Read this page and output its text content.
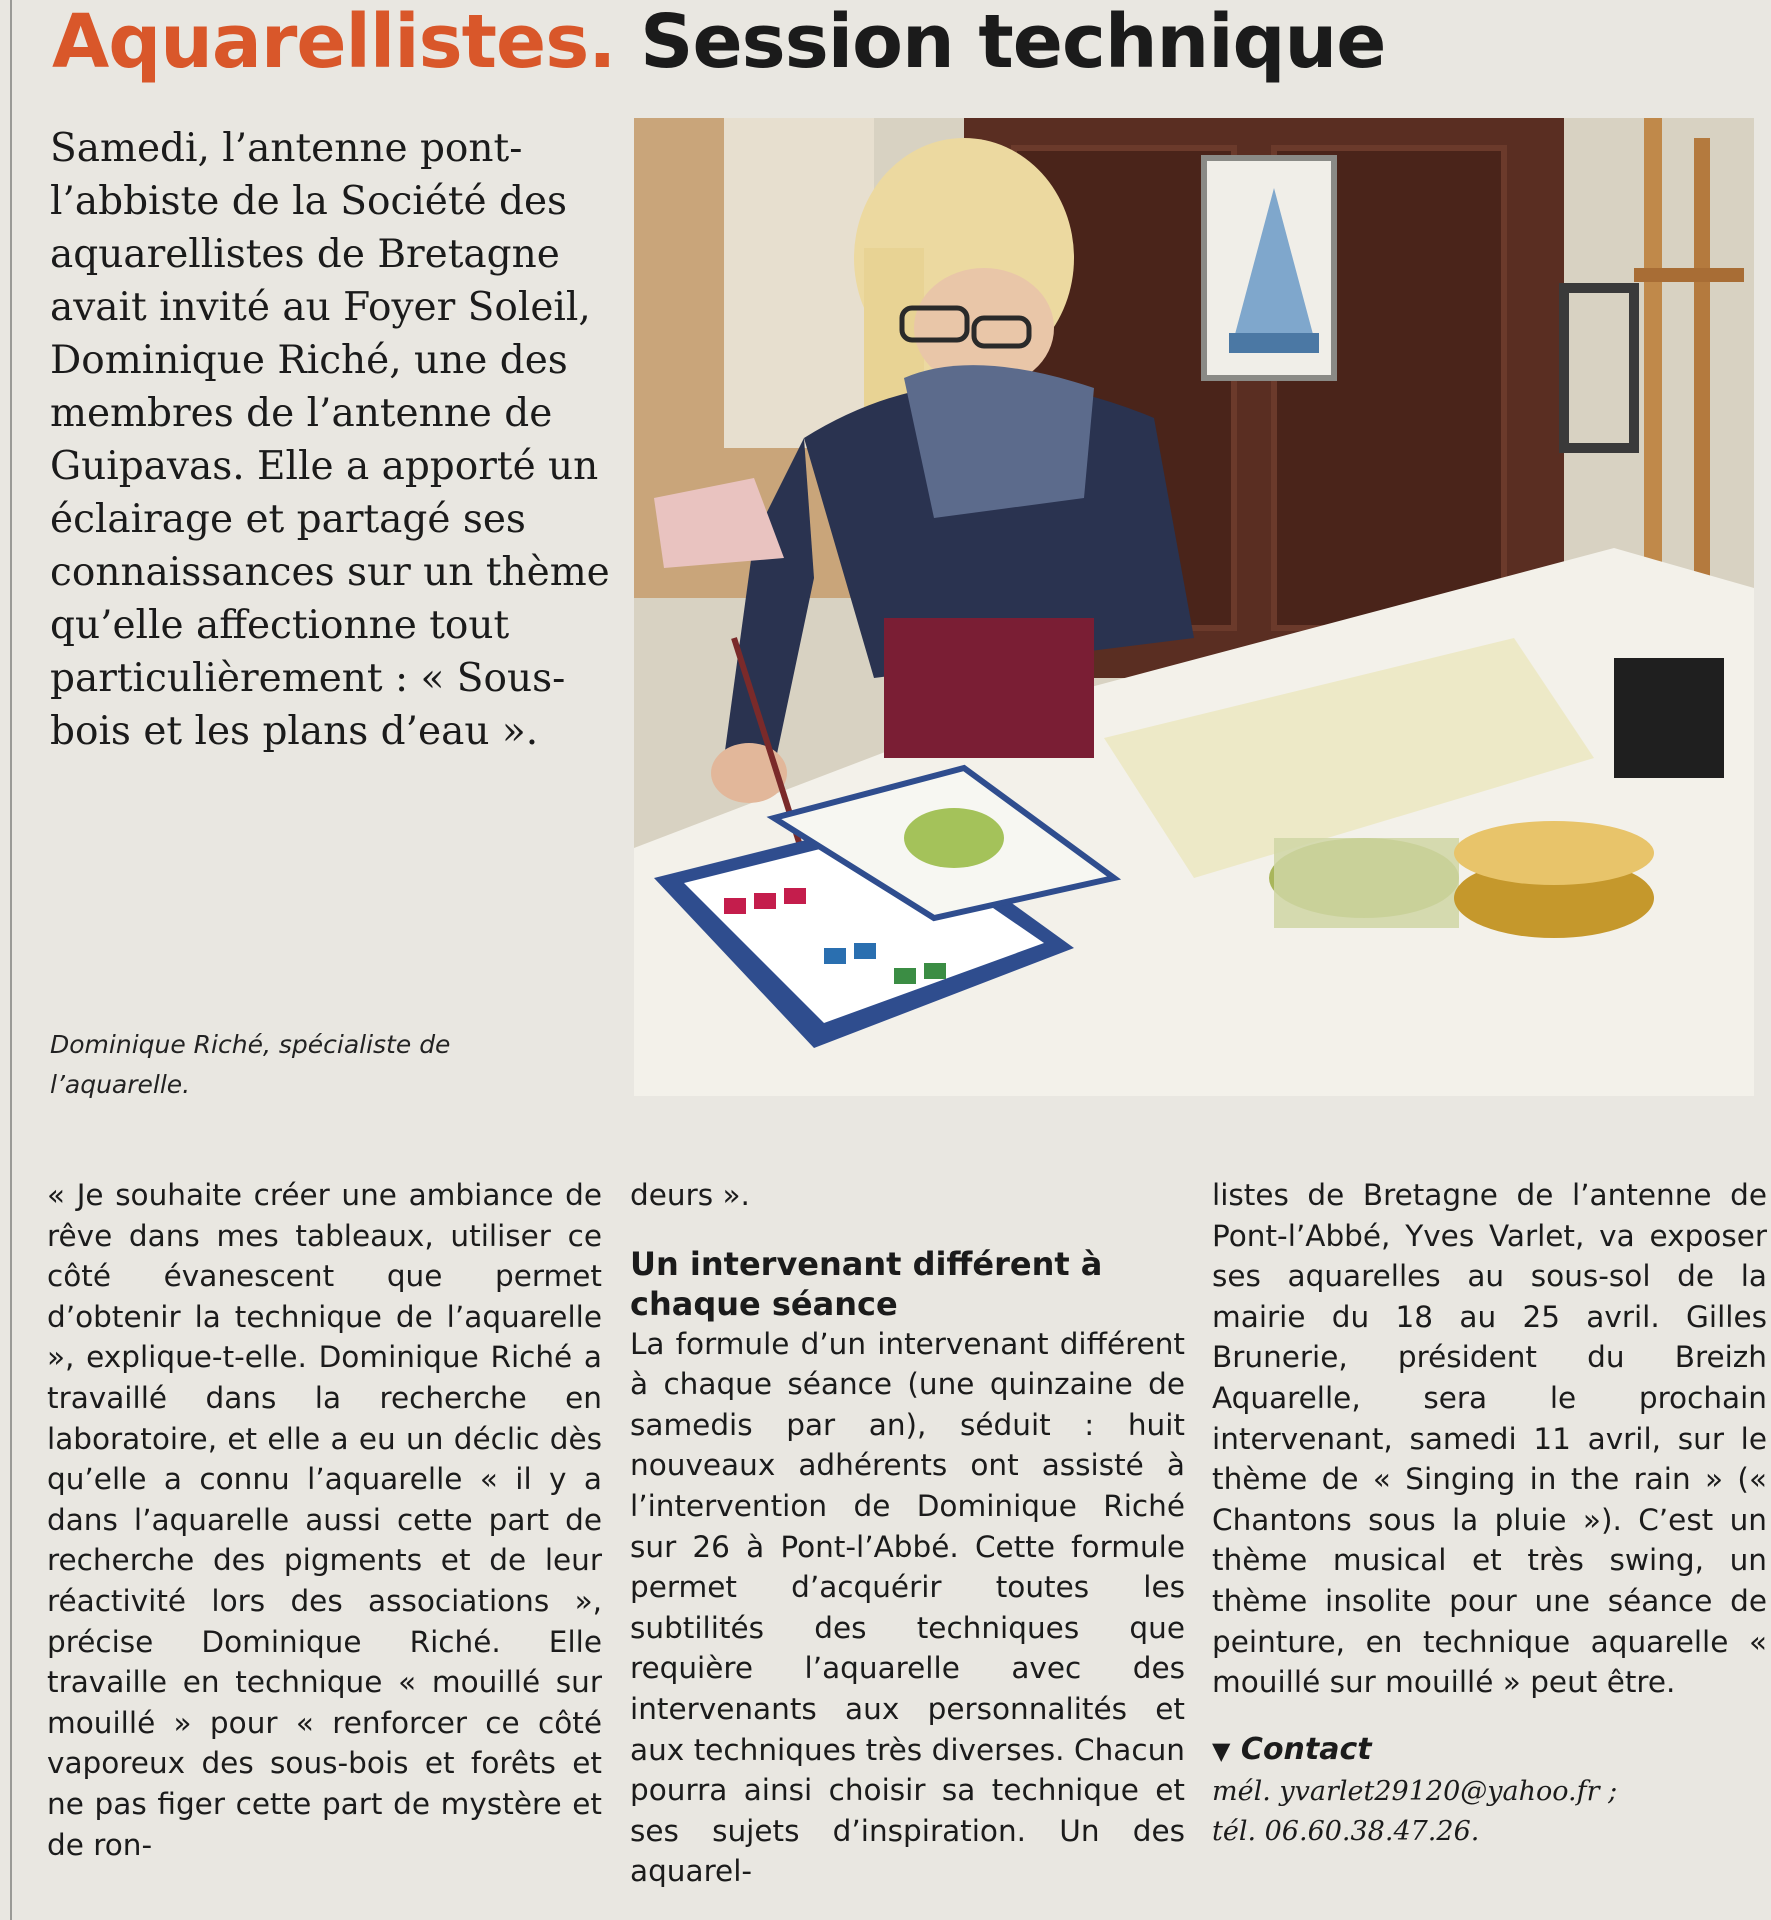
Aquarellistes. Session technique

Samedi, l’antenne pont-l’abbiste de la Société des aquarellistes de Bretagne avait invité au Foyer Soleil, Dominique Riché, une des membres de l’antenne de Guipavas. Elle a apporté un éclairage et partagé ses connaissances sur un thème qu’elle affectionne tout particulièrement : « Sous-bois et les plans d’eau ».

Dominique Riché, spécialiste de l’aquarelle.

« Je souhaite créer une ambiance de rêve dans mes tableaux, utiliser ce côté évanescent que permet d’obtenir la technique de l’aquarelle », explique-t-elle. Dominique Riché a travaillé dans la recherche en laboratoire, et elle a eu un déclic dès qu’elle a connu l’aquarelle « il y a dans l’aquarelle aussi cette part de recherche des pigments et de leur réactivité lors des associations », précise Dominique Riché. Elle travaille en technique « mouillé sur mouillé » pour « renforcer ce côté vaporeux des sous-bois et forêts et ne pas figer cette part de mystère et de ron-

deurs ».

Un intervenant différent à chaque séance

La formule d’un intervenant différent à chaque séance (une quinzaine de samedis par an), séduit : huit nouveaux adhérents ont assisté à l’intervention de Dominique Riché sur 26 à Pont-l’Abbé. Cette formule permet d’acquérir toutes les subtilités des techniques que requière l’aquarelle avec des intervenants aux personnalités et aux techniques très diverses. Chacun pourra ainsi choisir sa technique et ses sujets d’inspiration. Un des aquarel-

listes de Bretagne de l’antenne de Pont-l’Abbé, Yves Varlet, va exposer ses aquarelles au sous-sol de la mairie du 18 au 25 avril. Gilles Brunerie, président du Breizh Aquarelle, sera le prochain intervenant, samedi 11 avril, sur le thème de « Singing in the rain » (« Chantons sous la pluie »). C’est un thème musical et très swing, un thème insolite pour une séance de peinture, en technique aquarelle « mouillé sur mouillé » peut être.

▼ Contact
mél. yvarlet29120@yahoo.fr ;
tél. 06.60.38.47.26.
